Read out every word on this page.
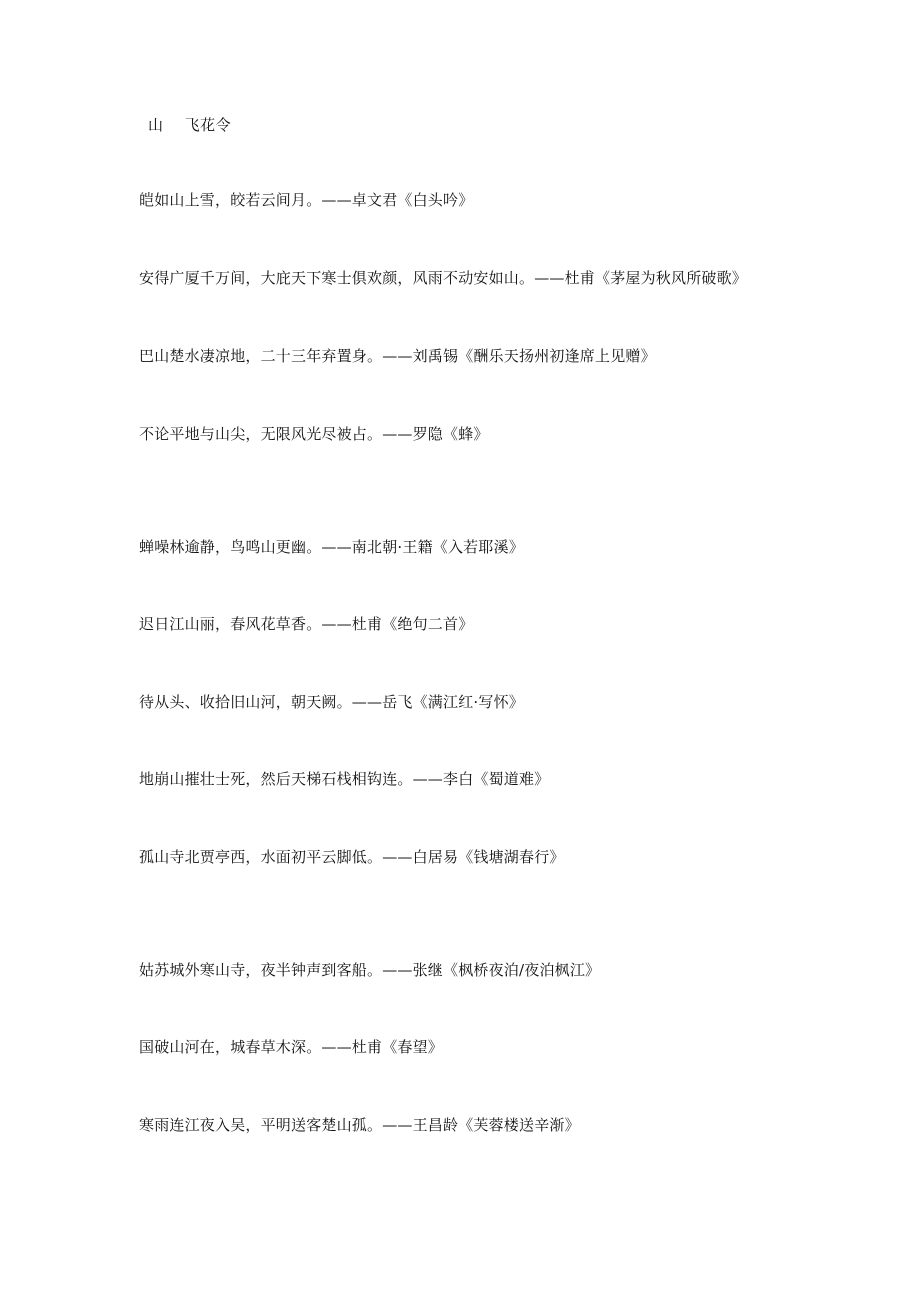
山    飞花令
皑如山上雪，皎若云间月。——卓文君《白头吟》
安得广厦千万间，大庇天下寒士俱欢颜，风雨不动安如山。——杜甫《茅屋为秋风所破歌》
巴山楚水凄凉地，二十三年弃置身。——刘禹锡《酬乐天扬州初逢席上见赠》
不论平地与山尖，无限风光尽被占。——罗隐《蜂》
蝉噪林逾静，鸟鸣山更幽。——南北朝·王籍《入若耶溪》
迟日江山丽，春风花草香。——杜甫《绝句二首》
待从头、收拾旧山河，朝天阙。——岳飞《满江红·写怀》
地崩山摧壮士死，然后天梯石栈相钩连。——李白《蜀道难》
孤山寺北贾亭西，水面初平云脚低。——白居易《钱塘湖春行》
姑苏城外寒山寺，夜半钟声到客船。——张继《枫桥夜泊/夜泊枫江》
国破山河在，城春草木深。——杜甫《春望》
寒雨连江夜入吴，平明送客楚山孤。——王昌龄《芙蓉楼送辛渐》
